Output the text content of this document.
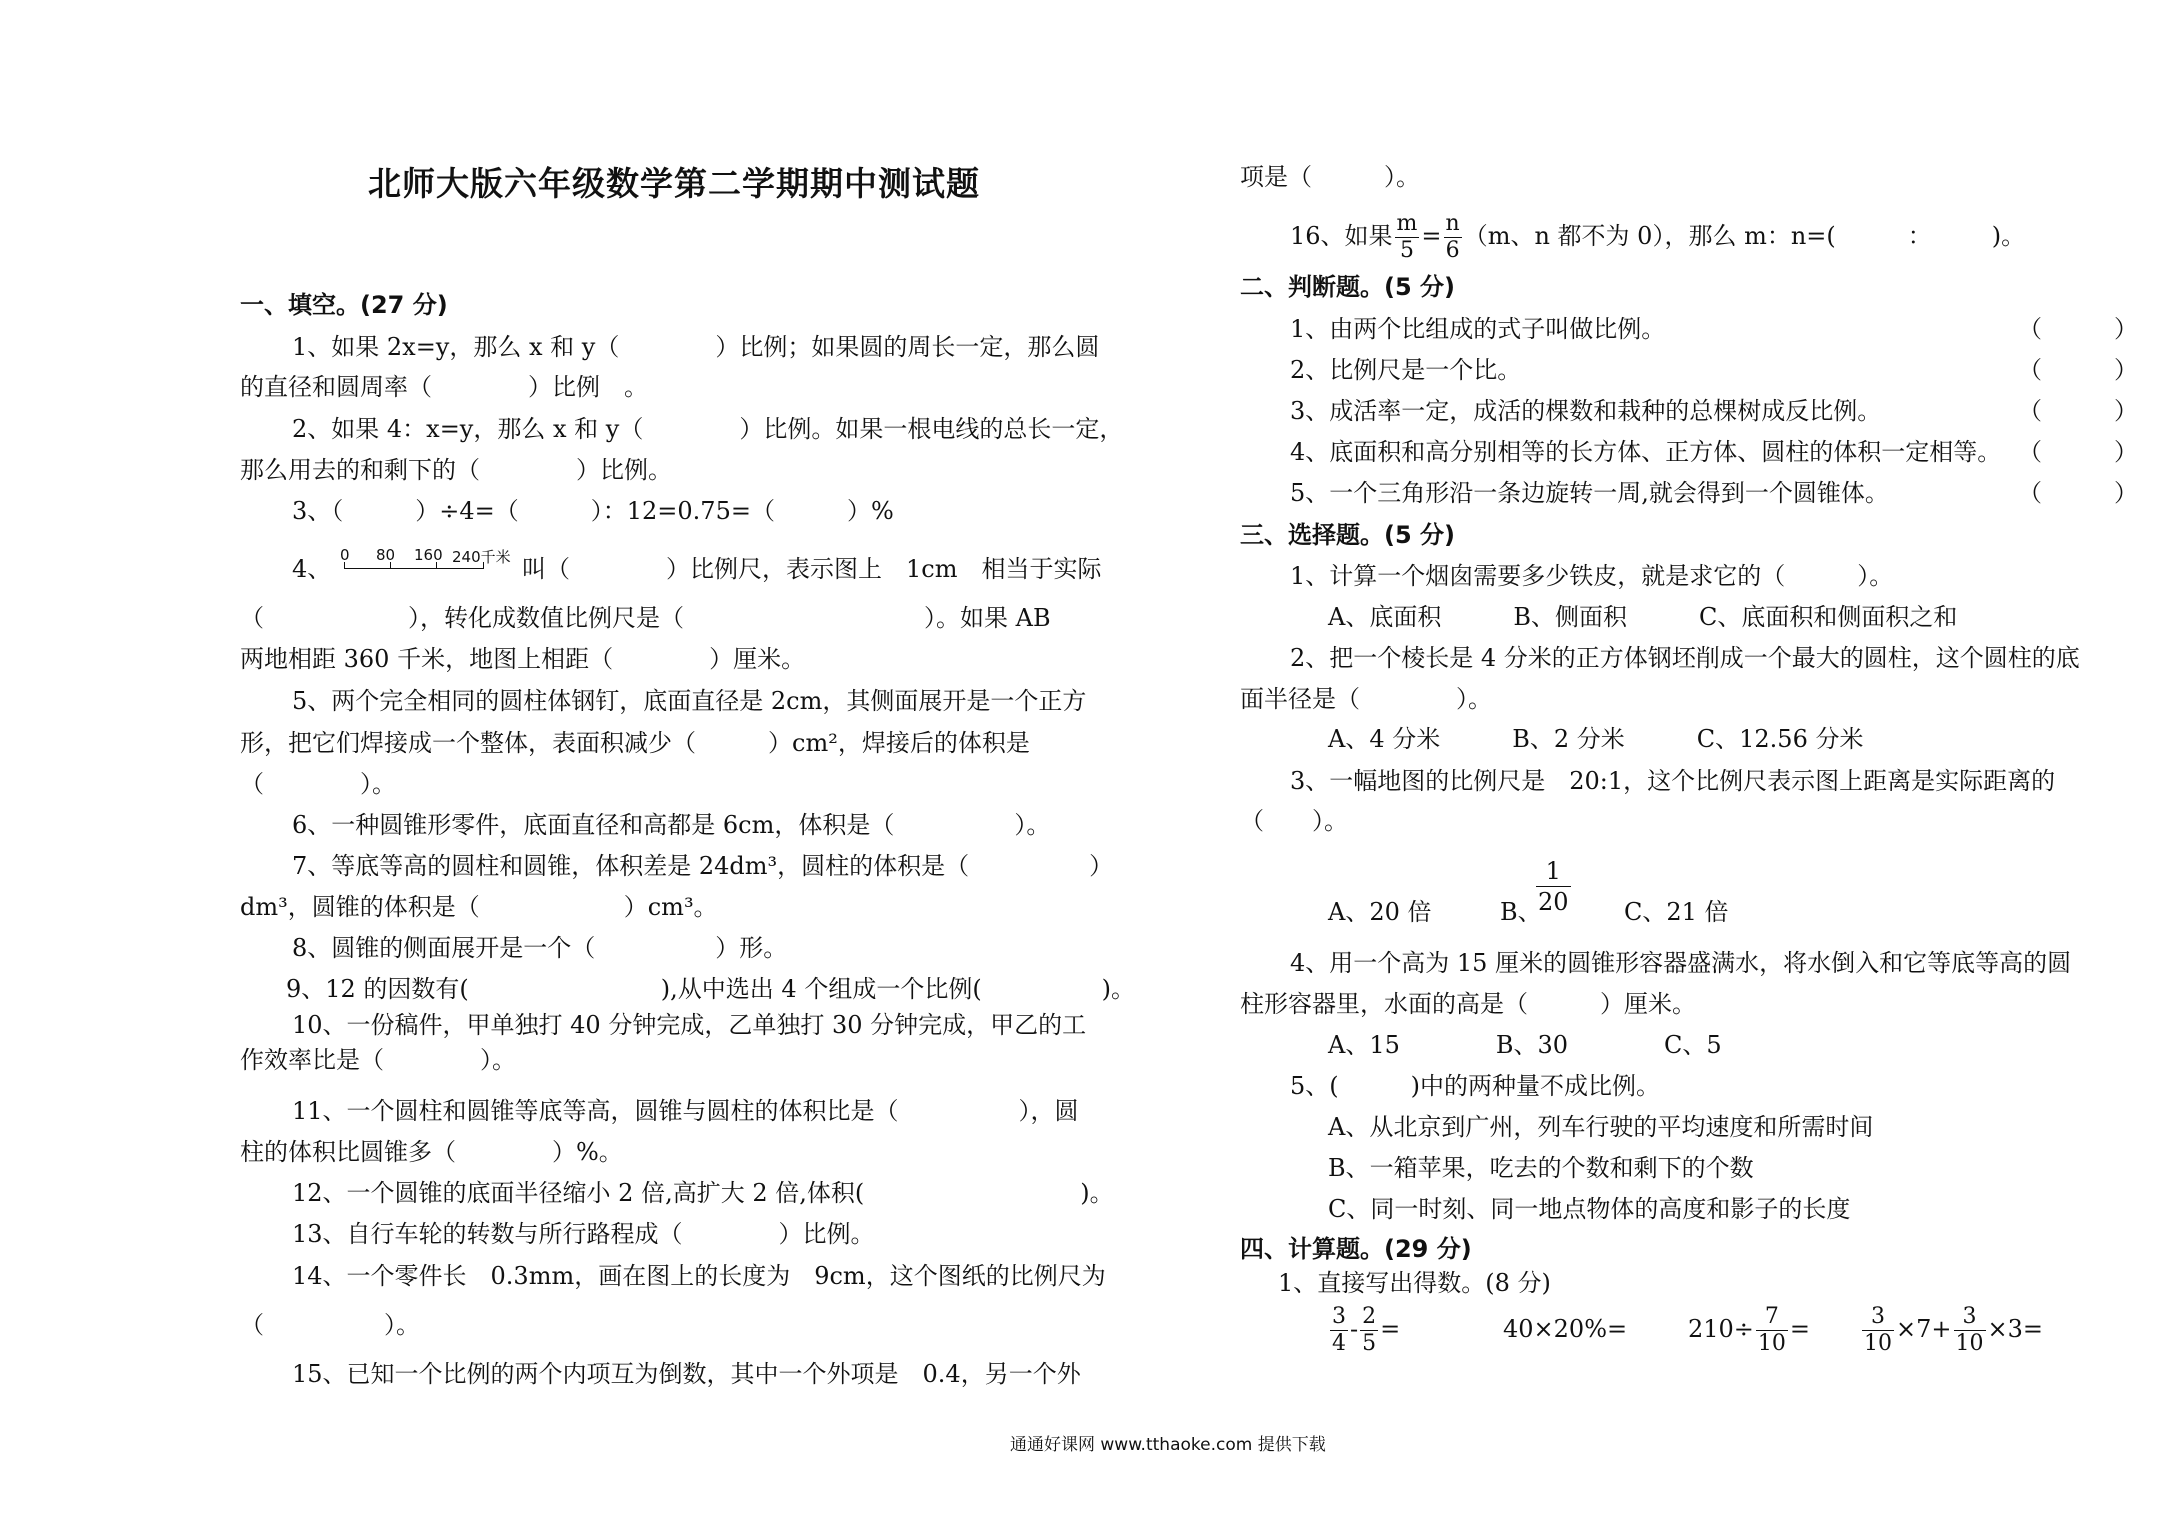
北师大版六年级数学第二学期期中测试题
一、填空。(27 分)
1、如果 2x=y，那么 x 和 y（　　　　）比例；如果圆的周长一定，那么圆
的直径和圆周率（　　　　）比例　。
2、如果 4：x=y，那么 x 和 y（　　　　）比例。如果一根电线的总长一定，
那么用去的和剩下的（　　　　）比例。
3、（　　　）÷4=（　　　）：12=0.75=（　　　）%
4、 0 80 160 240千米 叫（　　　　）比例尺，表示图上　1cm　相当于实际
（　　　　　　），转化成数值比例尺是（　　　　　　　　　　）。如果 AB
两地相距 360 千米，地图上相距（　　　　）厘米。
5、两个完全相同的圆柱体钢钉，底面直径是 2cm，其侧面展开是一个正方
形，把它们焊接成一个整体，表面积减少（　　　）cm²，焊接后的体积是
（　　　　）。
6、一种圆锥形零件，底面直径和高都是 6cm，体积是（　　　　　）。
7、等底等高的圆柱和圆锥，体积差是 24dm³，圆柱的体积是（　　　　　）
dm³，圆锥的体积是（　　　　　　）cm³。
8、圆锥的侧面展开是一个（　　　　　）形。
9、12 的因数有(　　　　　　　　),从中选出 4 个组成一个比例(　　　　　)。
10、一份稿件，甲单独打 40 分钟完成，乙单独打 30 分钟完成，甲乙的工
作效率比是（　　　　）。
11、一个圆柱和圆锥等底等高，圆锥与圆柱的体积比是（　　　　　），圆
柱的体积比圆锥多（　　　　）%。
12、一个圆锥的底面半径缩小 2 倍,高扩大 2 倍,体积(　　　　　　　　　)。
13、自行车轮的转数与所行路程成（　　　　）比例。
14、一个零件长　0.3mm，画在图上的长度为　9cm，这个图纸的比例尺为
（　　　　　）。
15、已知一个比例的两个内项互为倒数，其中一个外项是　0.4，另一个外
项是（　　　）。
16、如果 $\frac{m}{5} = \frac{n}{6} (m$、n 都不为 0），那么 m：n=(　　　：　　　)。
二、判断题。(5 分)
1、由两个比组成的式子叫做比例。	（　　　）
2、比例尺是一个比。	（　　　）
3、成活率一定，成活的棵数和栽种的总棵树成反比例。	（　　　）
4、底面积和高分别相等的长方体、正方体、圆柱的体积一定相等。 （　　　）
5、一个三角形沿一条边旋转一周,就会得到一个圆锥体。	（　　　）
三、选择题。(5 分)
1、计算一个烟囱需要多少铁皮，就是求它的（　　　）。
A、底面积　　　B、侧面积　　　C、底面积和侧面积之和
2、把一个棱长是 4 分米的正方体钢坯削成一个最大的圆柱，这个圆柱的底
面半径是（　　　　）。
A、4 分米　　　B、2 分米　　　C、12.56 分米
3、一幅地图的比例尺是　20:1，这个比例尺表示图上距离是实际距离的
（　　）。
A、20 倍	B、
$\frac{1}{20}$ C、21 倍
4、用一个高为 15 厘米的圆锥形容器盛满水，将水倒入和它等底等高的圆
柱形容器里，水面的高是（　　　）厘米。
A、15　　　　B、30　　　　C、5
5、(　　　)中的两种量不成比例。
A、从北京到广州，列车行驶的平均速度和所需时间
B、一箱苹果，吃去的个数和剩下的个数
C、同一时刻、同一地点物体的高度和影子的长度
四、计算题。(29 分)
1、直接写出得数。(8 分)
$\frac{3}{4} - \frac{2}{5}$ =	40×20%=	$210\div \frac{7}{10} = \frac{3}{10} \times 7+ \frac{3}{10} \times 3=$
通通好课网 www.tthaoke.com 提供下载
